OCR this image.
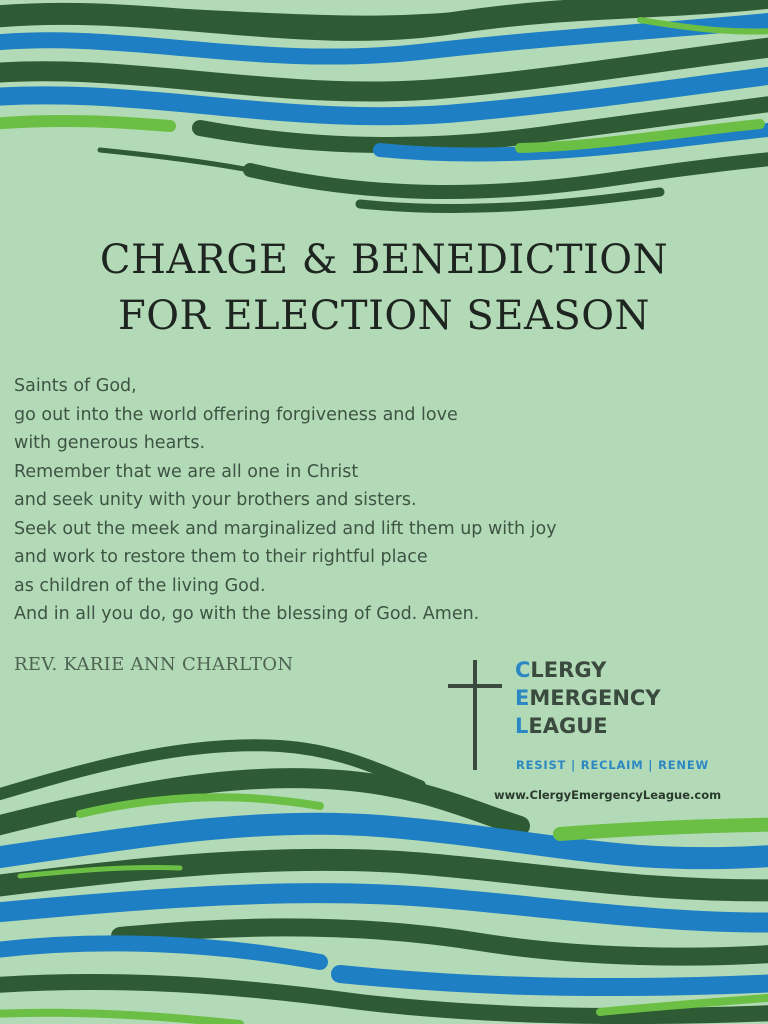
CHARGE & BENEDICTION
FOR ELECTION SEASON
Saints of God,
go out into the world offering forgiveness and love
with generous hearts.
Remember that we are all one in Christ
and seek unity with your brothers and sisters.
Seek out the meek and marginalized and lift them up with joy
and work to restore them to their rightful place
as children of the living God.
And in all you do, go with the blessing of God. Amen.
REV. KARIE ANN CHARLTON	CLERGY
EMERGENCY
LEAGUE
RESIST | RECLAIM | RENEW
www.ClergyEmergencyLeague.com
